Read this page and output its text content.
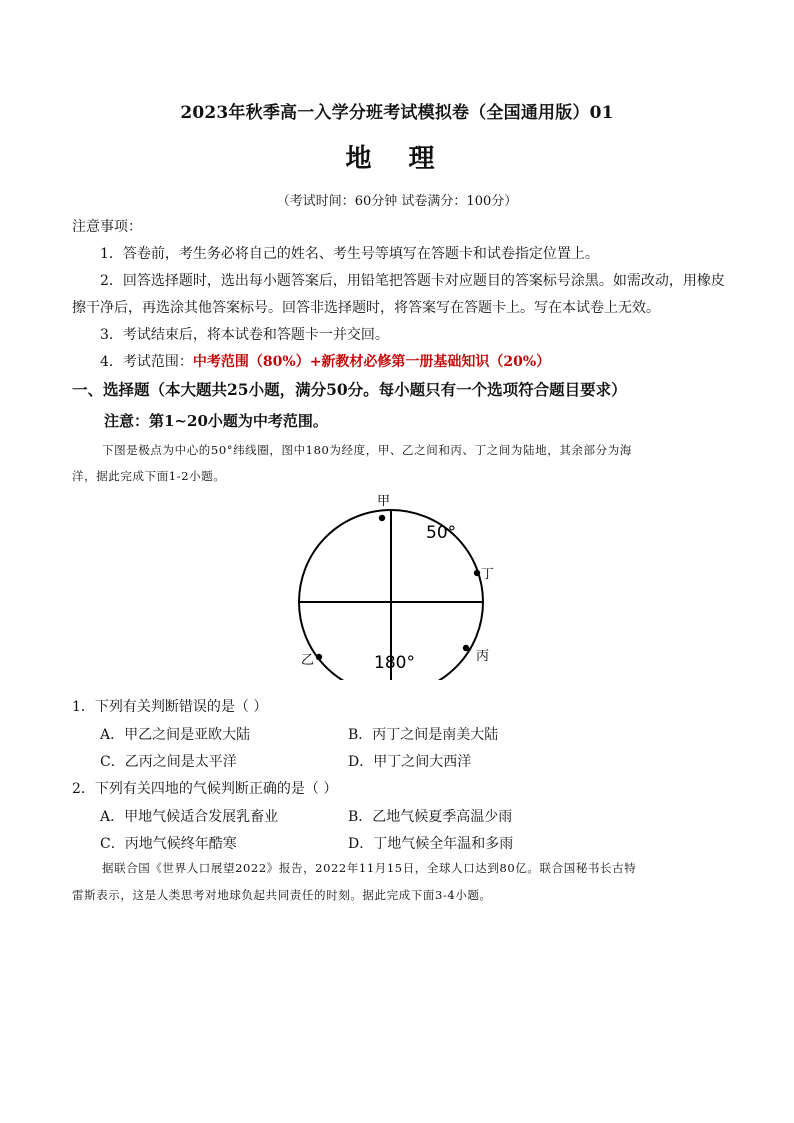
2023年秋季高一入学分班考试模拟卷（全国通用版）01
地 理
（考试时间：60分钟 试卷满分：100分）
注意事项：
1．答卷前，考生务必将自己的姓名、考生号等填写在答题卡和试卷指定位置上。
2．回答选择题时，选出每小题答案后，用铅笔把答题卡对应题目的答案标号涂黑。如需改动，用橡皮
擦干净后，再选涂其他答案标号。回答非选择题时，将答案写在答题卡上。写在本试卷上无效。
3．考试结束后，将本试卷和答题卡一并交回。
4．考试范围：中考范围（80%）+新教材必修第一册基础知识（20%）
一、选择题（本大题共25小题，满分50分。每小题只有一个选项符合题目要求）
注意：第1~20小题为中考范围。
下图是极点为中心的50°纬线圈，图中180为经度，甲、乙之间和丙、丁之间为陆地，其余部分为海
洋，据此完成下面1-2小题。
甲
50°
丁
乙	丙
180°
1．下列有关判断错误的是（ ）
A．甲乙之间是亚欧大陆	B．丙丁之间是南美大陆
C．乙丙之间是太平洋	D．甲丁之间大西洋
2．下列有关四地的气候判断正确的是（ ）
A．甲地气候适合发展乳畜业	B．乙地气候夏季高温少雨
C．丙地气候终年酷寒	D．丁地气候全年温和多雨
据联合国《世界人口展望2022》报告，2022年11月15日，全球人口达到80亿。联合国秘书长古特
雷斯表示，这是人类思考对地球负起共同责任的时刻。据此完成下面3-4小题。
